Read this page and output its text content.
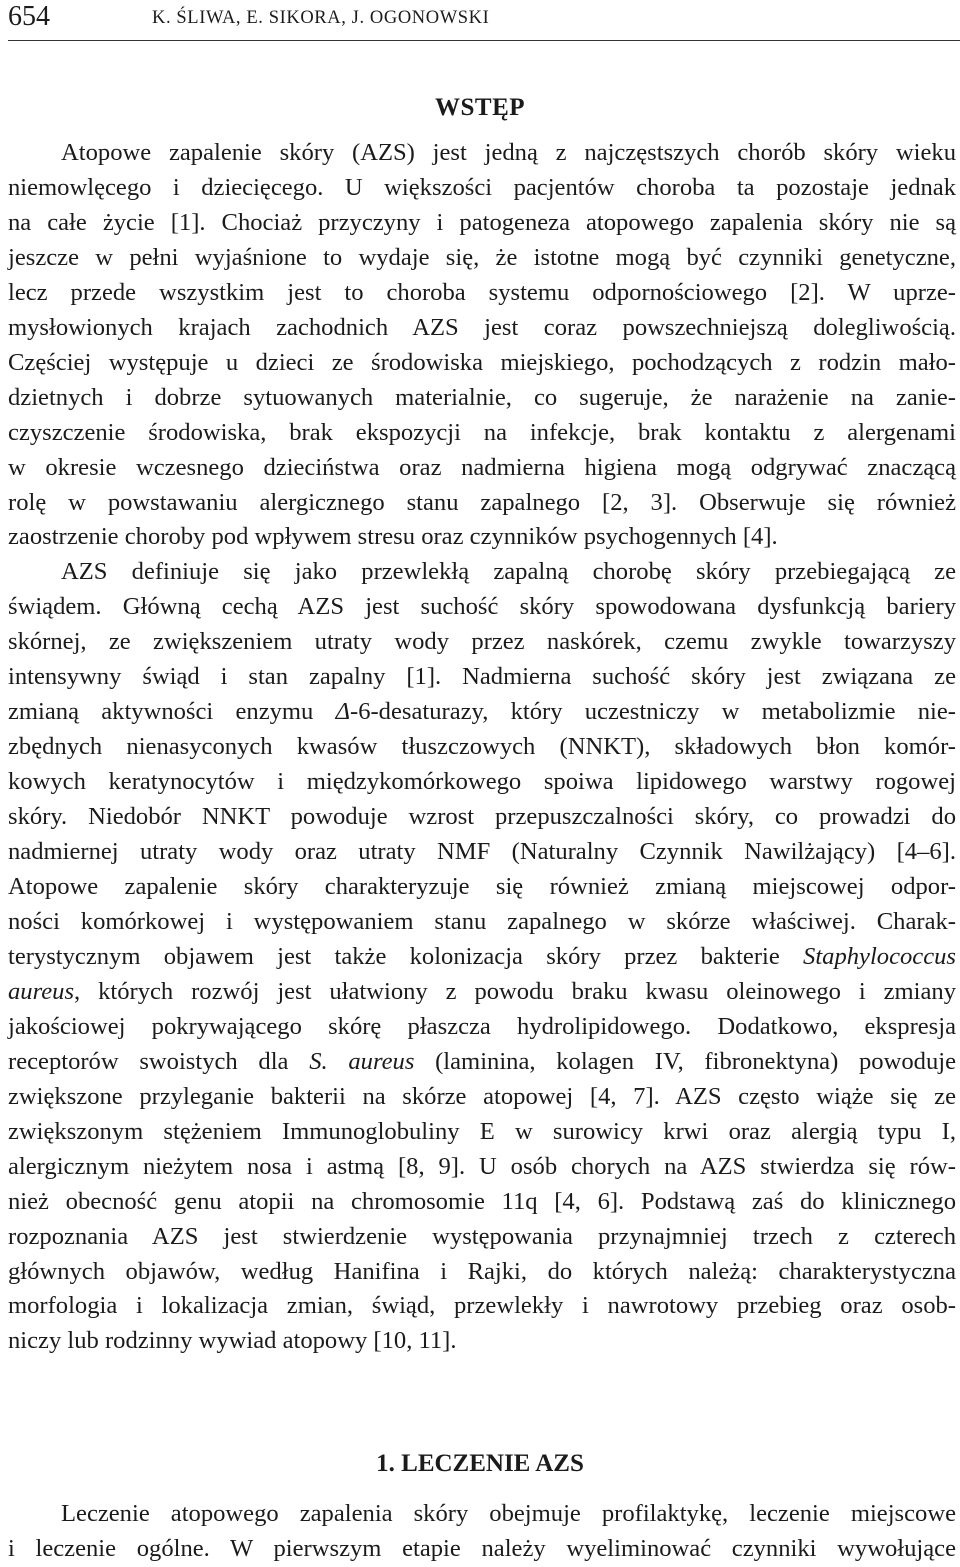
654	K. ŚLIWA, E. SIKORA, J. OGONOWSKI
WSTĘP

Atopowe zapalenie skóry (AZS) jest jedną z najczęstszych chorób skóry wieku
niemowlęcego i dziecięcego. U większości pacjentów choroba ta pozostaje jednak
na całe życie [1]. Chociaż przyczyny i patogeneza atopowego zapalenia skóry nie są
jeszcze w pełni wyjaśnione to wydaje się, że istotne mogą być czynniki genetyczne,
lecz przede wszystkim jest to choroba systemu odpornościowego [2]. W uprze-
mysłowionych krajach zachodnich AZS jest coraz powszechniejszą dolegliwością.
Częściej występuje u dzieci ze środowiska miejskiego, pochodzących z rodzin mało-
dzietnych i dobrze sytuowanych materialnie, co sugeruje, że narażenie na zanie-
czyszczenie środowiska, brak ekspozycji na infekcje, brak kontaktu z alergenami
w okresie wczesnego dzieciństwa oraz nadmierna higiena mogą odgrywać znaczącą
rolę w powstawaniu alergicznego stanu zapalnego [2, 3]. Obserwuje się również
zaostrzenie choroby pod wpływem stresu oraz czynników psychogennych [4].

AZS definiuje się jako przewlekłą zapalną chorobę skóry przebiegającą ze
świądem. Główną cechą AZS jest suchość skóry spowodowana dysfunkcją bariery
skórnej, ze zwiększeniem utraty wody przez naskórek, czemu zwykle towarzyszy
intensywny świąd i stan zapalny [1]. Nadmierna suchość skóry jest związana ze
zmianą aktywności enzymu Δ-6-desaturazy, który uczestniczy w metabolizmie nie-
zbędnych nienasyconych kwasów tłuszczowych (NNKT), składowych błon komór-
kowych keratynocytów i międzykomórkowego spoiwa lipidowego warstwy rogowej
skóry. Niedobór NNKT powoduje wzrost przepuszczalności skóry, co prowadzi do
nadmiernej utraty wody oraz utraty NMF (Naturalny Czynnik Nawilżający) [4–6].
Atopowe zapalenie skóry charakteryzuje się również zmianą miejscowej odpor-
ności komórkowej i występowaniem stanu zapalnego w skórze właściwej. Charak-
terystycznym objawem jest także kolonizacja skóry przez bakterie Staphylococcus
aureus, których rozwój jest ułatwiony z powodu braku kwasu oleinowego i zmiany
jakościowej pokrywającego skórę płaszcza hydrolipidowego. Dodatkowo, ekspresja
receptorów swoistych dla S. aureus (laminina, kolagen IV, fibronektyna) powoduje
zwiększone przyleganie bakterii na skórze atopowej [4, 7]. AZS często wiąże się ze
zwiększonym stężeniem Immunoglobuliny E w surowicy krwi oraz alergią typu I,
alergicznym nieżytem nosa i astmą [8, 9]. U osób chorych na AZS stwierdza się rów-
nież obecność genu atopii na chromosomie 11q [4, 6]. Podstawą zaś do klinicznego
rozpoznania AZS jest stwierdzenie występowania przynajmniej trzech z czterech
głównych objawów, według Hanifina i Rajki, do których należą: charakterystyczna
morfologia i lokalizacja zmian, świąd, przewlekły i nawrotowy przebieg oraz osob-
niczy lub rodzinny wywiad atopowy [10, 11].

1. LECZENIE AZS

Leczenie atopowego zapalenia skóry obejmuje profilaktykę, leczenie miejscowe
i leczenie ogólne. W pierwszym etapie należy wyeliminować czynniki wywołujące
